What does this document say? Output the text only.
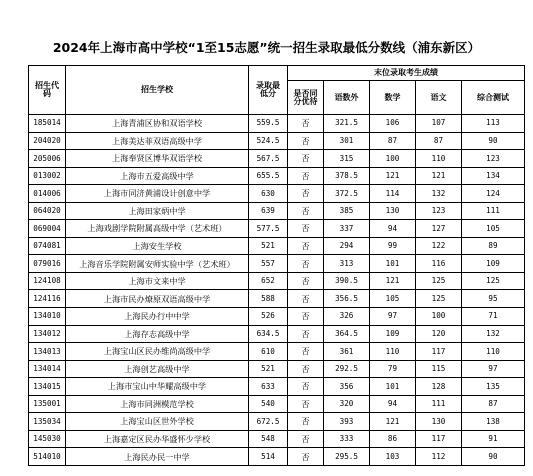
2024年上海市高中学校“1至15志愿”统一招生录取最低分数线（浦东新区）
招生代码	招生学校	录取最低分	末位录取考生成绩				
			是否同分优待	语数外	数学	语文	综合测试
185014	上海青浦区协和双语学校	559.5	否	321.5	106	107	113
204020	上海美达菲双语高级中学	524.5	否	301	87	87	90
205006	上海奉贤区博华双语学校	567.5	否	315	100	110	123
013002	上海市五爱高级中学	655.5	否	378.5	121	121	134
014006	上海市同济黄浦设计创意中学	630	否	372.5	114	132	124
064020	上海田家炳中学	639	否	385	130	123	111
069004	上海戏剧学院附属高级中学（艺术班）	577.5	否	337	94	127	105
074081	上海安生学校	521	否	294	99	122	89
079016	上海音乐学院附属安师实验中学（艺术班）	557	否	313	101	116	109
124108	上海市文来中学	652	否	390.5	121	125	125
124116	上海市民办燎原双语高级中学	588	否	356.5	105	125	95
134010	上海民办行中中学	526	否	326	97	100	71
134012	上海存志高级中学	634.5	否	364.5	109	120	132
134013	上海宝山区民办维尚高级中学	610	否	361	110	117	110
134014	上海创艺高级中学	521	否	292.5	79	115	97
134015	上海市宝山中华耀高级中学	633	否	356	101	128	135
135001	上海市同洲模范学校	540	否	320	94	111	87
135034	上海宝山区世外学校	672.5	否	393	121	130	138
145030	上海嘉定区民办华盛怀少学校	548	否	333	86	117	91
514010	上海民办民一中学	514	否	295.5	103	112	90
